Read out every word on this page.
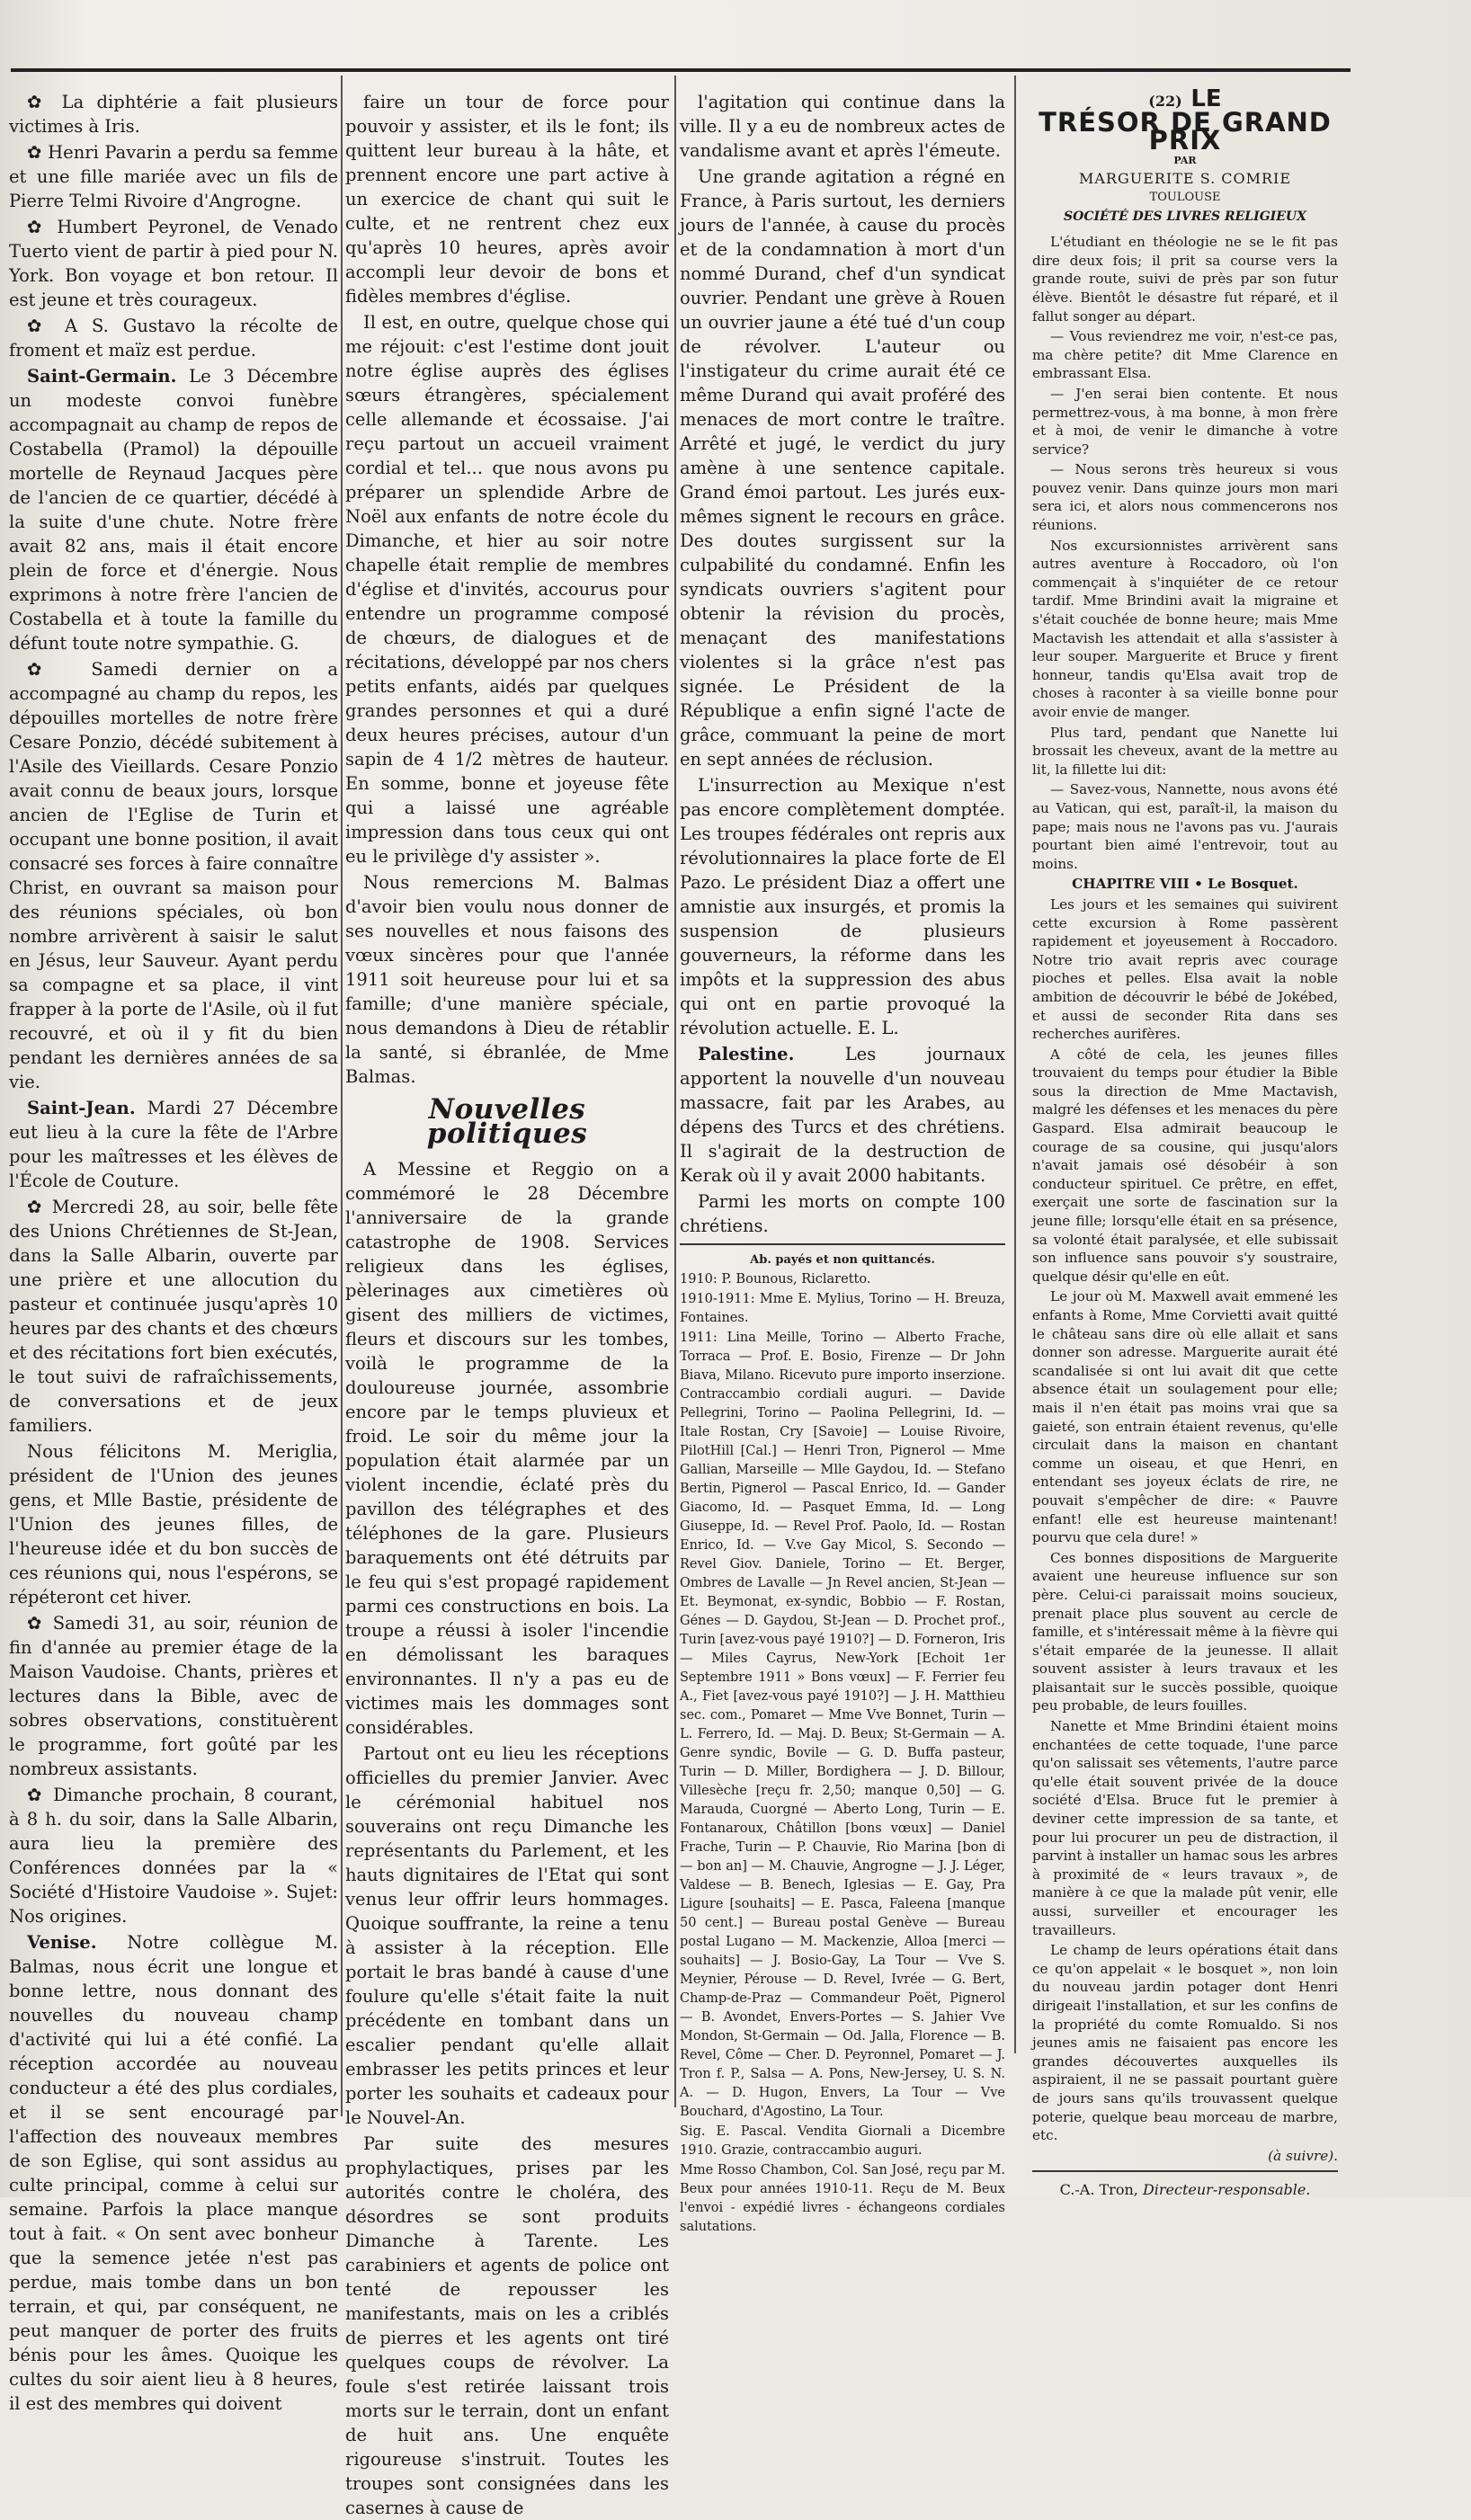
✿ La diphtérie a fait plusieurs victimes à Iris.

✿ Henri Pavarin a perdu sa femme et une fille mariée avec un fils de Pierre Telmi Rivoire d'Angrogne.

✿ Humbert Peyronel, de Venado Tuerto vient de partir à pied pour N. York. Bon voyage et bon retour. Il est jeune et très courageux.

✿ A S. Gustavo la récolte de froment et maïz est perdue.

Saint-Germain. Le 3 Décembre un modeste convoi funèbre accompagnait au champ de repos de Costabella (Pramol) la dépouille mortelle de Reynaud Jacques père de l'ancien de ce quartier, décédé à la suite d'une chute. Notre frère avait 82 ans, mais il était encore plein de force et d'énergie. Nous exprimons à notre frère l'ancien de Costabella et à toute la famille du défunt toute notre sympathie. G.

✿ Samedi dernier on a accompagné au champ du repos, les dépouilles mortelles de notre frère Cesare Ponzio, décédé subitement à l'Asile des Vieillards. Cesare Ponzio avait connu de beaux jours, lorsque ancien de l'Eglise de Turin et occupant une bonne position, il avait consacré ses forces à faire connaître Christ, en ouvrant sa maison pour des réunions spéciales, où bon nombre arrivèrent à saisir le salut en Jésus, leur Sauveur. Ayant perdu sa compagne et sa place, il vint frapper à la porte de l'Asile, où il fut recouvré, et où il y fit du bien pendant les dernières années de sa vie.

Saint-Jean. Mardi 27 Décembre eut lieu à la cure la fête de l'Arbre pour les maîtresses et les élèves de l'École de Couture.

✿ Mercredi 28, au soir, belle fête des Unions Chrétiennes de St-Jean, dans la Salle Albarin, ouverte par une prière et une allocution du pasteur et continuée jusqu'après 10 heures par des chants et des chœurs et des récitations fort bien exécutés, le tout suivi de rafraîchissements, de conversations et de jeux familiers.

Nous félicitons M. Meriglia, président de l'Union des jeunes gens, et Mlle Bastie, présidente de l'Union des jeunes filles, de l'heureuse idée et du bon succès de ces réunions qui, nous l'espérons, se répéteront cet hiver.

✿ Samedi 31, au soir, réunion de fin d'année au premier étage de la Maison Vaudoise. Chants, prières et lectures dans la Bible, avec de sobres observations, constituèrent le programme, fort goûté par les nombreux assistants.

✿ Dimanche prochain, 8 courant, à 8 h. du soir, dans la Salle Albarin, aura lieu la première des Conférences données par la « Société d'Histoire Vaudoise ». Sujet: Nos origines.

Venise. Notre collègue M. Balmas, nous écrit une longue et bonne lettre, nous donnant des nouvelles du nouveau champ d'activité qui lui a été confié. La réception accordée au nouveau conducteur a été des plus cordiales, et il se sent encouragé par l'affection des nouveaux membres de son Eglise, qui sont assidus au culte principal, comme à celui sur semaine. Parfois la place manque tout à fait. « On sent avec bonheur que la semence jetée n'est pas perdue, mais tombe dans un bon terrain, et qui, par conséquent, ne peut manquer de porter des fruits bénis pour les âmes. Quoique les cultes du soir aient lieu à 8 heures, il est des membres qui doivent

faire un tour de force pour pouvoir y assister, et ils le font; ils quittent leur bureau à la hâte, et prennent encore une part active à un exercice de chant qui suit le culte, et ne rentrent chez eux qu'après 10 heures, après avoir accompli leur devoir de bons et fidèles membres d'église.

Il est, en outre, quelque chose qui me réjouit: c'est l'estime dont jouit notre église auprès des églises sœurs étrangères, spécialement celle allemande et écossaise. J'ai reçu partout un accueil vraiment cordial et tel... que nous avons pu préparer un splendide Arbre de Noël aux enfants de notre école du Dimanche, et hier au soir notre chapelle était remplie de membres d'église et d'invités, accourus pour entendre un programme composé de chœurs, de dialogues et de récitations, développé par nos chers petits enfants, aidés par quelques grandes personnes et qui a duré deux heures précises, autour d'un sapin de 4 1/2 mètres de hauteur. En somme, bonne et joyeuse fête qui a laissé une agréable impression dans tous ceux qui ont eu le privilège d'y assister ».

Nous remercions M. Balmas d'avoir bien voulu nous donner de ses nouvelles et nous faisons des vœux sincères pour que l'année 1911 soit heureuse pour lui et sa famille; d'une manière spéciale, nous demandons à Dieu de rétablir la santé, si ébranlée, de Mme Balmas.

Nouvelles politiques

A Messine et Reggio on a commémoré le 28 Décembre l'anniversaire de la grande catastrophe de 1908. Services religieux dans les églises, pèlerinages aux cimetières où gisent des milliers de victimes, fleurs et discours sur les tombes, voilà le programme de la douloureuse journée, assombrie encore par le temps pluvieux et froid. Le soir du même jour la population était alarmée par un violent incendie, éclaté près du pavillon des télégraphes et des téléphones de la gare. Plusieurs baraquements ont été détruits par le feu qui s'est propagé rapidement parmi ces constructions en bois. La troupe a réussi à isoler l'incendie en démolissant les baraques environnantes. Il n'y a pas eu de victimes mais les dommages sont considérables.

Partout ont eu lieu les réceptions officielles du premier Janvier. Avec le cérémonial habituel nos souverains ont reçu Dimanche les représentants du Parlement, et les hauts dignitaires de l'Etat qui sont venus leur offrir leurs hommages. Quoique souffrante, la reine a tenu à assister à la réception. Elle portait le bras bandé à cause d'une foulure qu'elle s'était faite la nuit précédente en tombant dans un escalier pendant qu'elle allait embrasser les petits princes et leur porter les souhaits et cadeaux pour le Nouvel-An.

Par suite des mesures prophylactiques, prises par les autorités contre le choléra, des désordres se sont produits Dimanche à Tarente. Les carabiniers et agents de police ont tenté de repousser les manifestants, mais on les a criblés de pierres et les agents ont tiré quelques coups de révolver. La foule s'est retirée laissant trois morts sur le terrain, dont un enfant de huit ans. Une enquête rigoureuse s'instruit. Toutes les troupes sont consignées dans les casernes à cause de

l'agitation qui continue dans la ville. Il y a eu de nombreux actes de vandalisme avant et après l'émeute.

Une grande agitation a régné en France, à Paris surtout, les derniers jours de l'année, à cause du procès et de la condamnation à mort d'un nommé Durand, chef d'un syndicat ouvrier. Pendant une grève à Rouen un ouvrier jaune a été tué d'un coup de révolver. L'auteur ou l'instigateur du crime aurait été ce même Durand qui avait proféré des menaces de mort contre le traître. Arrêté et jugé, le verdict du jury amène à une sentence capitale. Grand émoi partout. Les jurés eux-mêmes signent le recours en grâce. Des doutes surgissent sur la culpabilité du condamné. Enfin les syndicats ouvriers s'agitent pour obtenir la révision du procès, menaçant des manifestations violentes si la grâce n'est pas signée. Le Président de la République a enfin signé l'acte de grâce, commuant la peine de mort en sept années de réclusion.

L'insurrection au Mexique n'est pas encore complètement domptée. Les troupes fédérales ont repris aux révolutionnaires la place forte de El Pazo. Le président Diaz a offert une amnistie aux insurgés, et promis la suspension de plusieurs gouverneurs, la réforme dans les impôts et la suppression des abus qui ont en partie provoqué la révolution actuelle. E. L.

Palestine. Les journaux apportent la nouvelle d'un nouveau massacre, fait par les Arabes, au dépens des Turcs et des chrétiens. Il s'agirait de la destruction de Kerak où il y avait 2000 habitants.

Parmi les morts on compte 100 chrétiens.

Ab. payés et non quittancés.

1910: P. Bounous, Riclaretto.

1910-1911: Mme E. Mylius, Torino — H. Breuza, Fontaines.

1911: Lina Meille, Torino — Alberto Frache, Torraca — Prof. E. Bosio, Firenze — Dr John Biava, Milano. Ricevuto pure importo inserzione. Contraccambio cordiali auguri. — Davide Pellegrini, Torino — Paolina Pellegrini, Id. — Itale Rostan, Cry [Savoie] — Louise Rivoire, PilotHill [Cal.] — Henri Tron, Pignerol — Mme Gallian, Marseille — Mlle Gaydou, Id. — Stefano Bertin, Pignerol — Pascal Enrico, Id. — Gander Giacomo, Id. — Pasquet Emma, Id. — Long Giuseppe, Id. — Revel Prof. Paolo, Id. — Rostan Enrico, Id. — V.ve Gay Micol, S. Secondo — Revel Giov. Daniele, Torino — Et. Berger, Ombres de Lavalle — Jn Revel ancien, St-Jean — Et. Beymonat, ex-syndic, Bobbio — F. Rostan, Génes — D. Gaydou, St-Jean — D. Prochet prof., Turin [avez-vous payé 1910?] — D. Forneron, Iris — Miles Cayrus, New-York [Echoit 1er Septembre 1911 » Bons vœux] — F. Ferrier feu A., Fiet [avez-vous payé 1910?] — J. H. Matthieu sec. com., Pomaret — Mme Vve Bonnet, Turin — L. Ferrero, Id. — Maj. D. Beux; St-Germain — A. Genre syndic, Bovile — G. D. Buffa pasteur, Turin — D. Miller, Bordighera — J. D. Billour, Villesèche [reçu fr. 2,50; manque 0,50] — G. Marauda, Cuorgné — Aberto Long, Turin — E. Fontanaroux, Châtillon [bons vœux] — Daniel Frache, Turin — P. Chauvie, Rio Marina [bon di — bon an] — M. Chauvie, Angrogne — J. J. Léger, Valdese — B. Benech, Iglesias — E. Gay, Pra Ligure [souhaits] — E. Pasca, Faleena [manque 50 cent.] — Bureau postal Genève — Bureau postal Lugano — M. Mackenzie, Alloa [merci — souhaits] — J. Bosio-Gay, La Tour — Vve S. Meynier, Pérouse — D. Revel, Ivrée — G. Bert, Champ-de-Praz — Commandeur Poët, Pignerol — B. Avondet, Envers-Portes — S. Jahier Vve Mondon, St-Germain — Od. Jalla, Florence — B. Revel, Côme — Cher. D. Peyronnel, Pomaret — J. Tron f. P., Salsa — A. Pons, New-Jersey, U. S. N. A. — D. Hugon, Envers, La Tour — Vve Bouchard, d'Agostino, La Tour.

Sig. E. Pascal. Vendita Giornali a Dicembre 1910. Grazie, contraccambio auguri.

Mme Rosso Chambon, Col. San José, reçu par M. Beux pour années 1910-11. Reçu de M. Beux l'envoi - expédié livres - échangeons cordiales salutations.

(22) LE
TRÉSOR DE GRAND PRIX
PAR
MARGUERITE S. COMRIE
TOULOUSE
SOCIÉTÉ DES LIVRES RELIGIEUX

L'étudiant en théologie ne se le fit pas dire deux fois; il prit sa course vers la grande route, suivi de près par son futur élève. Bientôt le désastre fut réparé, et il fallut songer au départ.

— Vous reviendrez me voir, n'est-ce pas, ma chère petite? dit Mme Clarence en embrassant Elsa.

— J'en serai bien contente. Et nous permettrez-vous, à ma bonne, à mon frère et à moi, de venir le dimanche à votre service?

— Nous serons très heureux si vous pouvez venir. Dans quinze jours mon mari sera ici, et alors nous commencerons nos réunions.

Nos excursionnistes arrivèrent sans autres aventure à Roccadoro, où l'on commençait à s'inquiéter de ce retour tardif. Mme Brindini avait la migraine et s'était couchée de bonne heure; mais Mme Mactavish les attendait et alla s'assister à leur souper. Marguerite et Bruce y firent honneur, tandis qu'Elsa avait trop de choses à raconter à sa vieille bonne pour avoir envie de manger.

Plus tard, pendant que Nanette lui brossait les cheveux, avant de la mettre au lit, la fillette lui dit:

— Savez-vous, Nannette, nous avons été au Vatican, qui est, paraît-il, la maison du pape; mais nous ne l'avons pas vu. J'aurais pourtant bien aimé l'entrevoir, tout au moins.

CHAPITRE VIII • Le Bosquet.

Les jours et les semaines qui suivirent cette excursion à Rome passèrent rapidement et joyeusement à Roccadoro. Notre trio avait repris avec courage pioches et pelles. Elsa avait la noble ambition de découvrir le bébé de Jokébed, et aussi de seconder Rita dans ses recherches aurifères.

A côté de cela, les jeunes filles trouvaient du temps pour étudier la Bible sous la direction de Mme Mactavish, malgré les défenses et les menaces du père Gaspard. Elsa admirait beaucoup le courage de sa cousine, qui jusqu'alors n'avait jamais osé désobéir à son conducteur spirituel. Ce prêtre, en effet, exerçait une sorte de fascination sur la jeune fille; lorsqu'elle était en sa présence, sa volonté était paralysée, et elle subissait son influence sans pouvoir s'y soustraire, quelque désir qu'elle en eût.

Le jour où M. Maxwell avait emmené les enfants à Rome, Mme Corvietti avait quitté le château sans dire où elle allait et sans donner son adresse. Marguerite aurait été scandalisée si ont lui avait dit que cette absence était un soulagement pour elle; mais il n'en était pas moins vrai que sa gaieté, son entrain étaient revenus, qu'elle circulait dans la maison en chantant comme un oiseau, et que Henri, en entendant ses joyeux éclats de rire, ne pouvait s'empêcher de dire: « Pauvre enfant! elle est heureuse maintenant! pourvu que cela dure! »

Ces bonnes dispositions de Marguerite avaient une heureuse influence sur son père. Celui-ci paraissait moins soucieux, prenait place plus souvent au cercle de famille, et s'intéressait même à la fièvre qui s'était emparée de la jeunesse. Il allait souvent assister à leurs travaux et les plaisantait sur le succès possible, quoique peu probable, de leurs fouilles.

Nanette et Mme Brindini étaient moins enchantées de cette toquade, l'une parce qu'on salissait ses vêtements, l'autre parce qu'elle était souvent privée de la douce société d'Elsa. Bruce fut le premier à deviner cette impression de sa tante, et pour lui procurer un peu de distraction, il parvint à installer un hamac sous les arbres à proximité de « leurs travaux », de manière à ce que la malade pût venir, elle aussi, surveiller et encourager les travailleurs.

Le champ de leurs opérations était dans ce qu'on appelait « le bosquet », non loin du nouveau jardin potager dont Henri dirigeait l'installation, et sur les confins de la propriété du comte Romualdo. Si nos jeunes amis ne faisaient pas encore les grandes découvertes auxquelles ils aspiraient, il ne se passait pourtant guère de jours sans qu'ils trouvassent quelque poterie, quelque beau morceau de marbre, etc.

(à suivre).

C.-A. Tron, Directeur-responsable.
